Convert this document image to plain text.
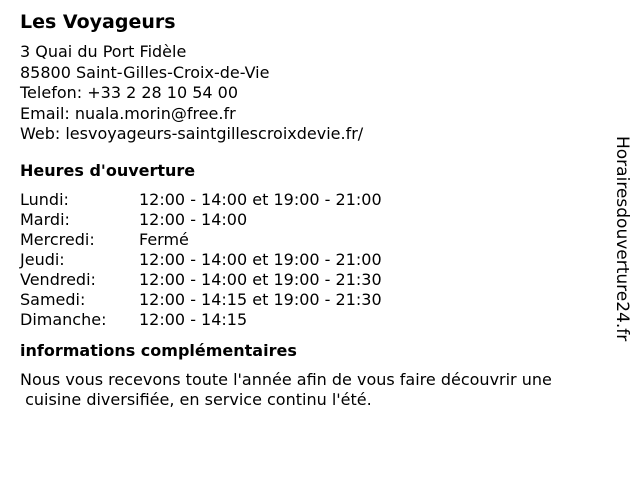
Les Voyageurs
3 Quai du Port Fidèle
85800 Saint-Gilles-Croix-de-Vie
Telefon: +33 2 28 10 54 00
Email: nuala.morin@free.fr
Web: lesvoyageurs-saintgillescroixdevie.fr/
Heures d'ouverture
Lundi:	12:00 - 14:00 et 19:00 - 21:00
Mardi:	12:00 - 14:00
Mercredi:	Fermé
Jeudi:	12:00 - 14:00 et 19:00 - 21:00
Vendredi:	12:00 - 14:00 et 19:00 - 21:30
Samedi:	12:00 - 14:15 et 19:00 - 21:30
Dimanche:	12:00 - 14:15
informations complémentaires
Nous vous recevons toute l'année afin de vous faire découvrir une
cuisine diversifiée, en service continu l'été.
Horairesdouverture24.fr
